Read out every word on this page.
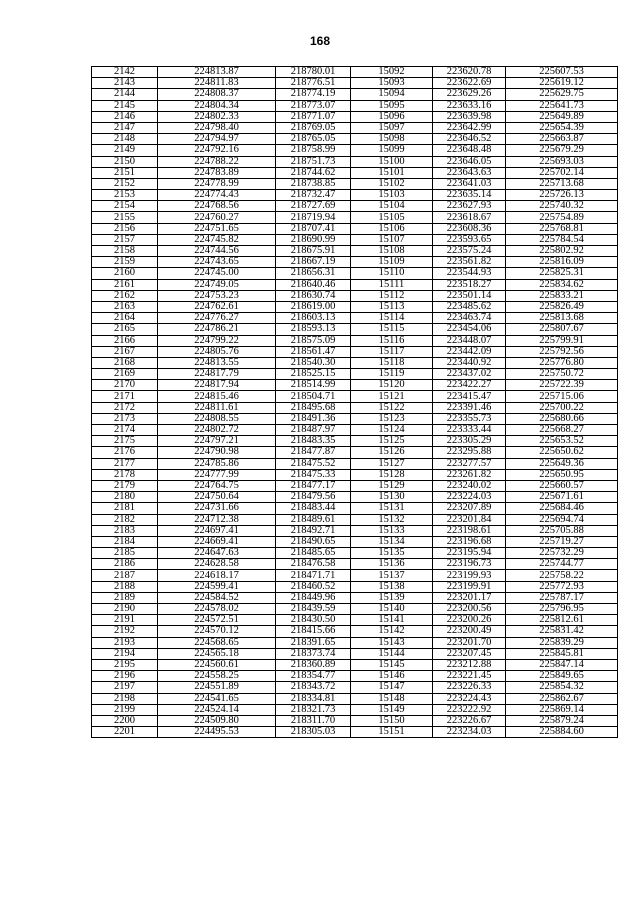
168
2142	224813.87	218780.01	15092	223620.78	225607.53
2143	224811.83	218776.51	15093	223622.69	225619.12
2144	224808.37	218774.19	15094	223629.26	225629.75
2145	224804.34	218773.07	15095	223633.16	225641.73
2146	224802.33	218771.07	15096	223639.98	225649.89
2147	224798.40	218769.05	15097	223642.99	225654.39
2148	224794.97	218765.05	15098	223646.52	225663.87
2149	224792.16	218758.99	15099	223648.48	225679.29
2150	224788.22	218751.73	15100	223646.05	225693.03
2151	224783.89	218744.62	15101	223643.63	225702.14
2152	224778.99	218738.85	15102	223641.03	225713.68
2153	224774.43	218732.47	15103	223635.14	225726.13
2154	224768.56	218727.69	15104	223627.93	225740.32
2155	224760.27	218719.94	15105	223618.67	225754.89
2156	224751.65	218707.41	15106	223608.36	225768.81
2157	224745.82	218690.99	15107	223593.65	225784.54
2158	224744.56	218675.91	15108	223575.24	225802.92
2159	224743.65	218667.19	15109	223561.82	225816.09
2160	224745.00	218656.31	15110	223544.93	225825.31
2161	224749.05	218640.46	15111	223518.27	225834.62
2162	224753.23	218630.74	15112	223501.14	225833.21
2163	224762.61	218619.00	15113	223485.62	225826.49
2164	224776.27	218603.13	15114	223463.74	225813.68
2165	224786.21	218593.13	15115	223454.06	225807.67
2166	224799.22	218575.09	15116	223448.07	225799.91
2167	224805.76	218561.47	15117	223442.09	225792.56
2168	224813.55	218540.30	15118	223440.92	225776.80
2169	224817.79	218525.15	15119	223437.02	225750.72
2170	224817.94	218514.99	15120	223422.27	225722.39
2171	224815.46	218504.71	15121	223415.47	225715.06
2172	224811.61	218495.68	15122	223391.46	225700.22
2173	224808.55	218491.36	15123	223355.73	225680.66
2174	224802.72	218487.97	15124	223333.44	225668.27
2175	224797.21	218483.35	15125	223305.29	225653.52
2176	224790.98	218477.87	15126	223295.88	225650.62
2177	224785.86	218475.52	15127	223277.57	225649.36
2178	224777.99	218475.33	15128	223261.82	225650.95
2179	224764.75	218477.17	15129	223240.02	225660.57
2180	224750.64	218479.56	15130	223224.03	225671.61
2181	224731.66	218483.44	15131	223207.89	225684.46
2182	224712.38	218489.61	15132	223201.84	225694.74
2183	224697.41	218492.71	15133	223198.61	225705.88
2184	224669.41	218490.65	15134	223196.68	225719.27
2185	224647.63	218485.65	15135	223195.94	225732.29
2186	224628.58	218476.58	15136	223196.73	225744.77
2187	224618.17	218471.71	15137	223199.93	225758.22
2188	224599.41	218460.52	15138	223199.91	225772.93
2189	224584.52	218449.96	15139	223201.17	225787.17
2190	224578.02	218439.59	15140	223200.56	225796.95
2191	224572.51	218430.50	15141	223200.26	225812.61
2192	224570.12	218415.66	15142	223200.49	225831.42
2193	224568.65	218391.65	15143	223201.70	225839.29
2194	224565.18	218373.74	15144	223207.45	225845.81
2195	224560.61	218360.89	15145	223212.88	225847.14
2196	224558.25	218354.77	15146	223221.45	225849.65
2197	224551.89	218343.72	15147	223226.33	225854.32
2198	224541.65	218334.81	15148	223224.43	225862.67
2199	224524.14	218321.73	15149	223222.92	225869.14
2200	224509.80	218311.70	15150	223226.67	225879.24
2201	224495.53	218305.03	15151	223234.03	225884.60
